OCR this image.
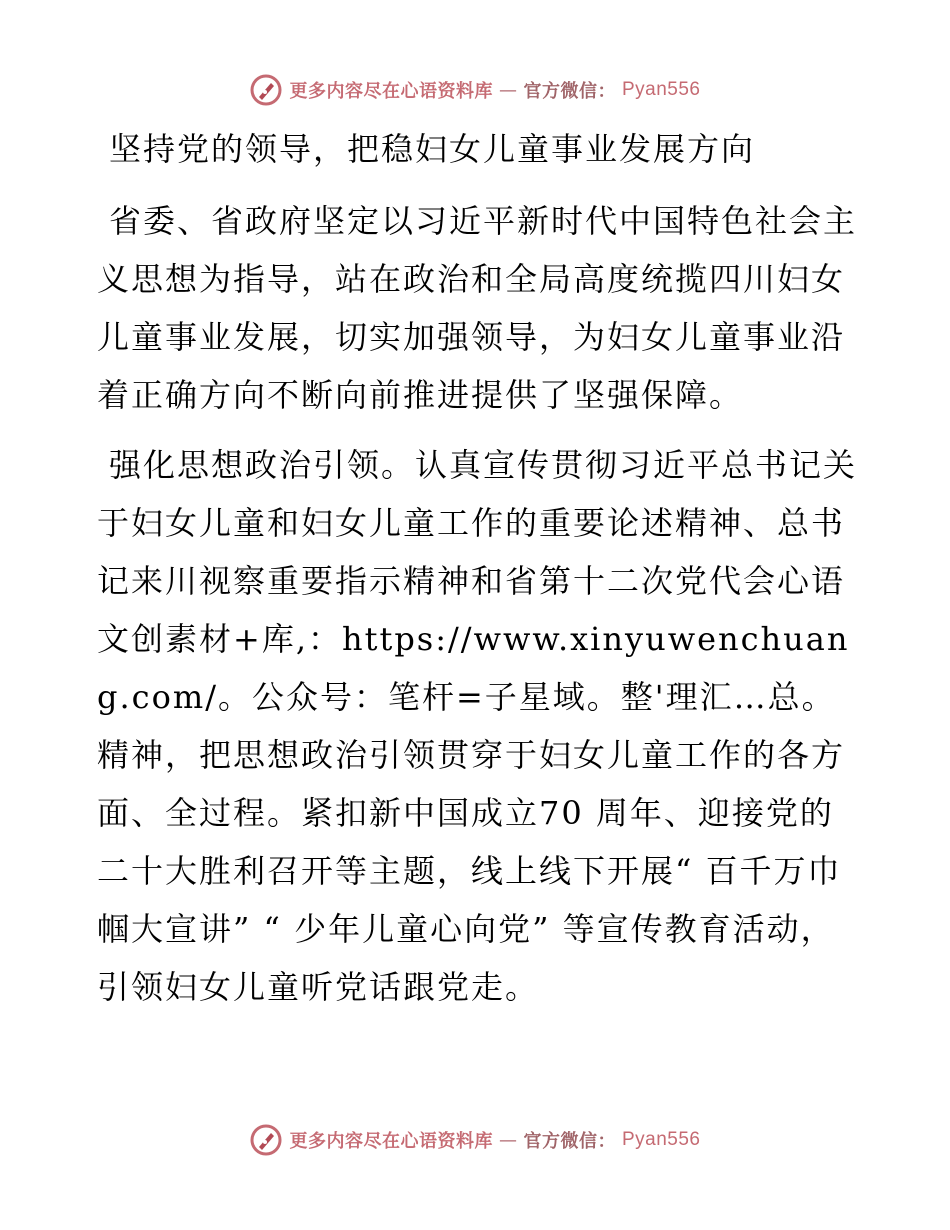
更多内容尽在心语资料库 — 官方微信： Pyan556

坚持党的领导，把稳妇女儿童事业发展方向

省委、省政府坚定以习近平新时代中国特色社会主义思想为指导，站在政治和全局高度统揽四川妇女儿童事业发展，切实加强领导，为妇女儿童事业沿着正确方向不断向前推进提供了坚强保障。

强化思想政治引领。认真宣传贯彻习近平总书记关于妇女儿童和妇女儿童工作的重要论述精神、总书记来川视察重要指示精神和省第十二次党代会心语文创素材+库,：https://www.xinyuwenchuang.com/。公众号：笔杆=子星域。整'理汇…总。精神，把思想政治引领贯穿于妇女儿童工作的各方面、全过程。紧扣新中国成立70 周年、迎接党的二十大胜利召开等主题，线上线下开展“ 百千万巾帼大宣讲” “ 少年儿童心向党” 等宣传教育活动，引领妇女儿童听党话跟党走。

更多内容尽在心语资料库 — 官方微信： Pyan556
